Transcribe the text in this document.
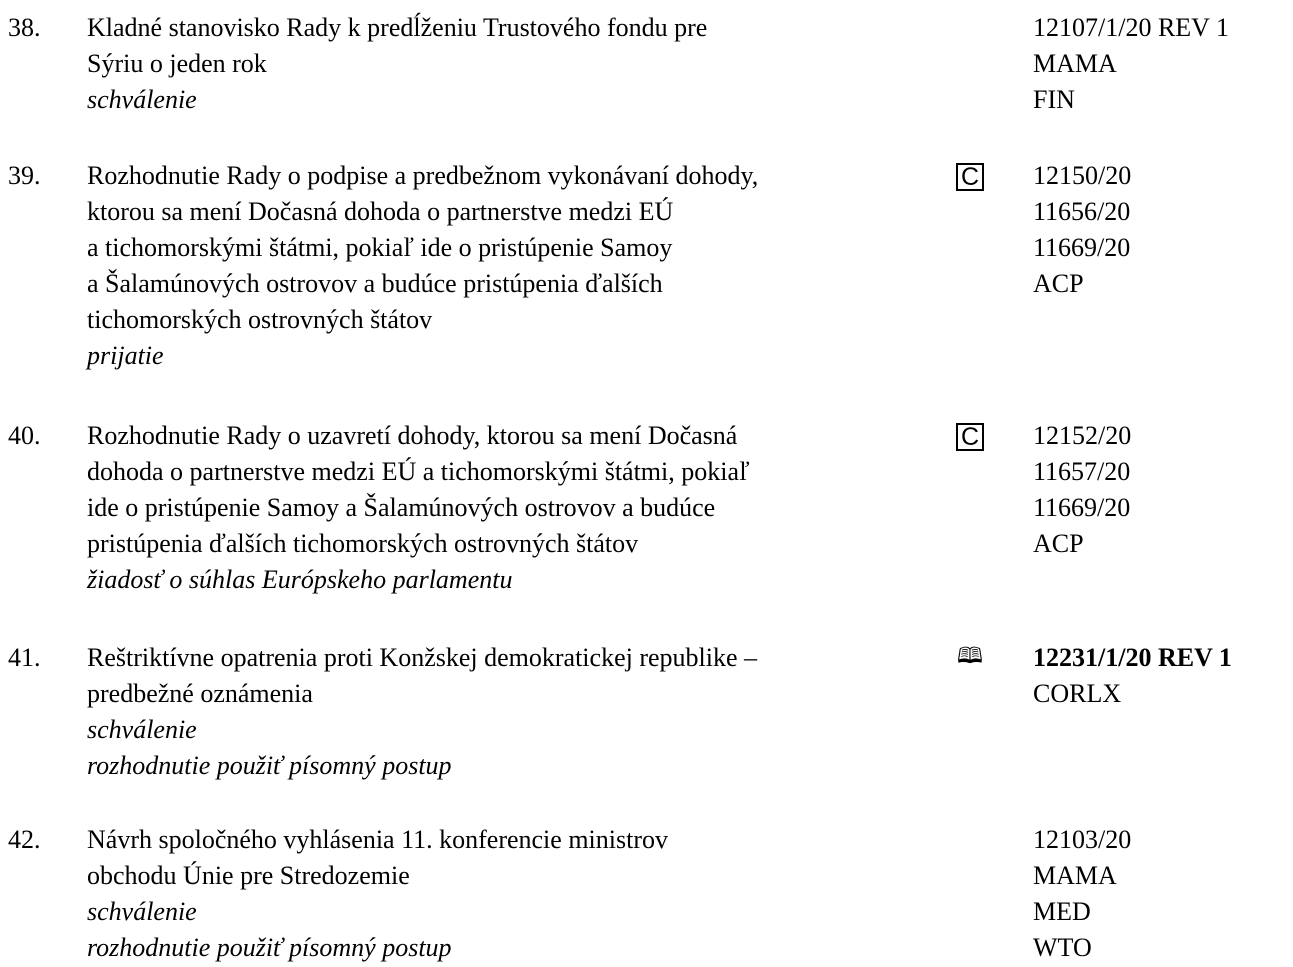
38. Kladné stanovisko Rady k predĺženiu Trustového fondu pre
Sýriu o jeden rok
schválenie
12107/1/20 REV 1
MAMA
FIN
39. Rozhodnutie Rady o podpise a predbežnom vykonávaní dohody,
ktorou sa mení Dočasná dohoda o partnerstve medzi EÚ
a tichomorskými štátmi, pokiaľ ide o pristúpenie Samoy
a Šalamúnových ostrovov a budúce pristúpenia ďalších
tichomorských ostrovných štátov
prijatie
C 12150/20
11656/20
11669/20
ACP
40. Rozhodnutie Rady o uzavretí dohody, ktorou sa mení Dočasná
dohoda o partnerstve medzi EÚ a tichomorskými štátmi, pokiaľ
ide o pristúpenie Samoy a Šalamúnových ostrovov a budúce
pristúpenia ďalších tichomorských ostrovných štátov
žiadosť o súhlas Európskeho parlamentu
C 12152/20
11657/20
11669/20
ACP
41. Reštriktívne opatrenia proti Konžskej demokratickej republike –
predbežné oznámenia
schválenie
rozhodnutie použiť písomný postup
🕮 12231/1/20 REV 1
CORLX
42. Návrh spoločného vyhlásenia 11. konferencie ministrov
obchodu Únie pre Stredozemie
schválenie
rozhodnutie použiť písomný postup
12103/20
MAMA
MED
WTO
